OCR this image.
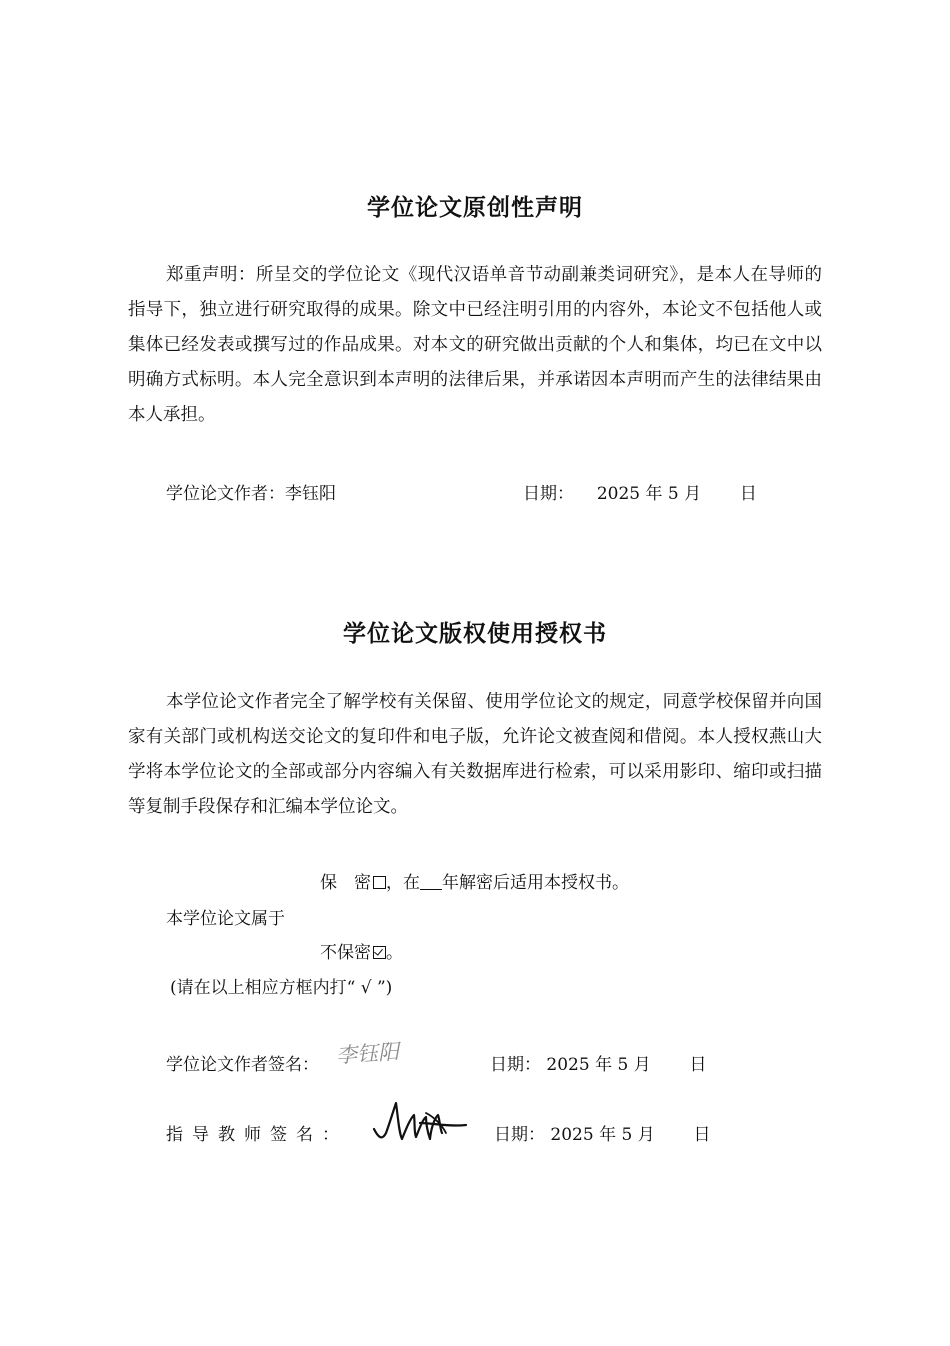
学位论文原创性声明
郑重声明：所呈交的学位论文《现代汉语单音节动副兼类词研究》，是本人在导师的指导下，独立进行研究取得的成果。除文中已经注明引用的内容外，本论文不包括他人或集体已经发表或撰写过的作品成果。对本文的研究做出贡献的个人和集体，均已在文中以明确方式标明。本人完全意识到本声明的法律后果，并承诺因本声明而产生的法律结果由本人承担。
学位论文作者：李钰阳	日期： 2025 年 5 月 日
学位论文版权使用授权书
本学位论文作者完全了解学校有关保留、使用学位论文的规定，同意学校保留并向国家有关部门或机构送交论文的复印件和电子版，允许论文被查阅和借阅。本人授权燕山大学将本学位论文的全部或部分内容编入有关数据库进行检索，可以采用影印、缩印或扫描等复制手段保存和汇编本学位论文。
保　密 ，在 年解密后适用本授权书。
本学位论文属于
不保密 。
(请在以上相应方框内打“ √ ”)
学位论文作者签名： 李钰阳	日期： 2025 年 5 月 日
指导教师签名：	日期： 2025 年 5 月 日
